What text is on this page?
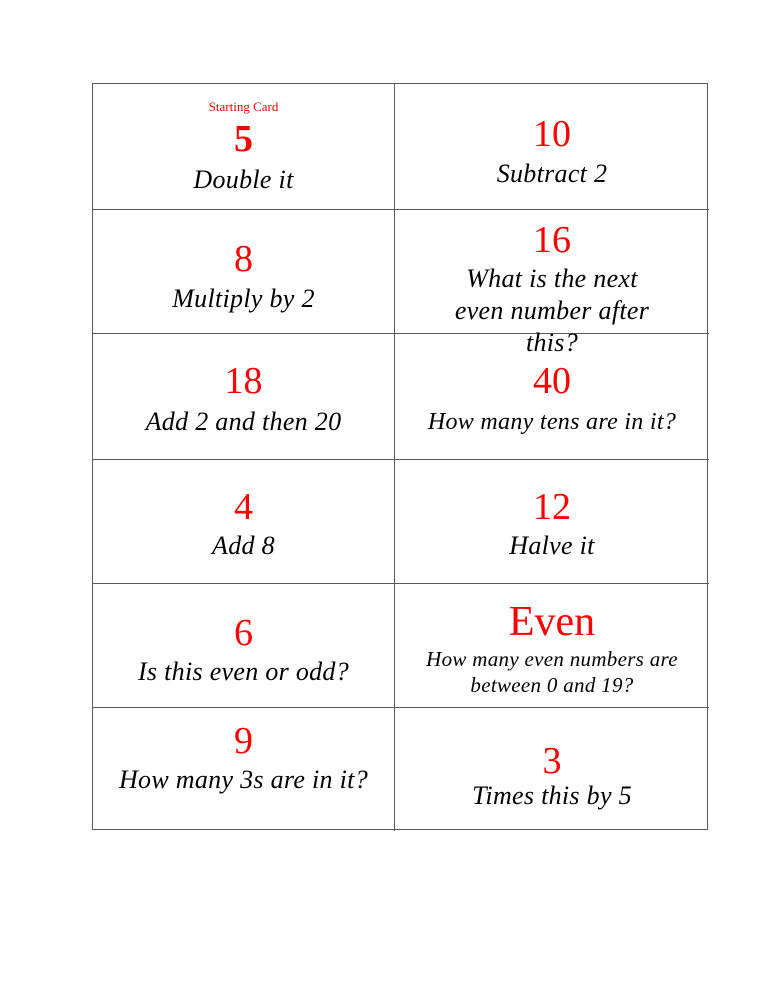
Starting Card
5
Double it
10
Subtract 2
8
Multiply by 2
16
What is the next even number after this?
18
Add 2 and then 20
40
How many tens are in it?
4
Add 8
12
Halve it
6
Is this even or odd?
Even
How many even numbers are between 0 and 19?
9
How many 3s are in it?	3
Times this by 5
